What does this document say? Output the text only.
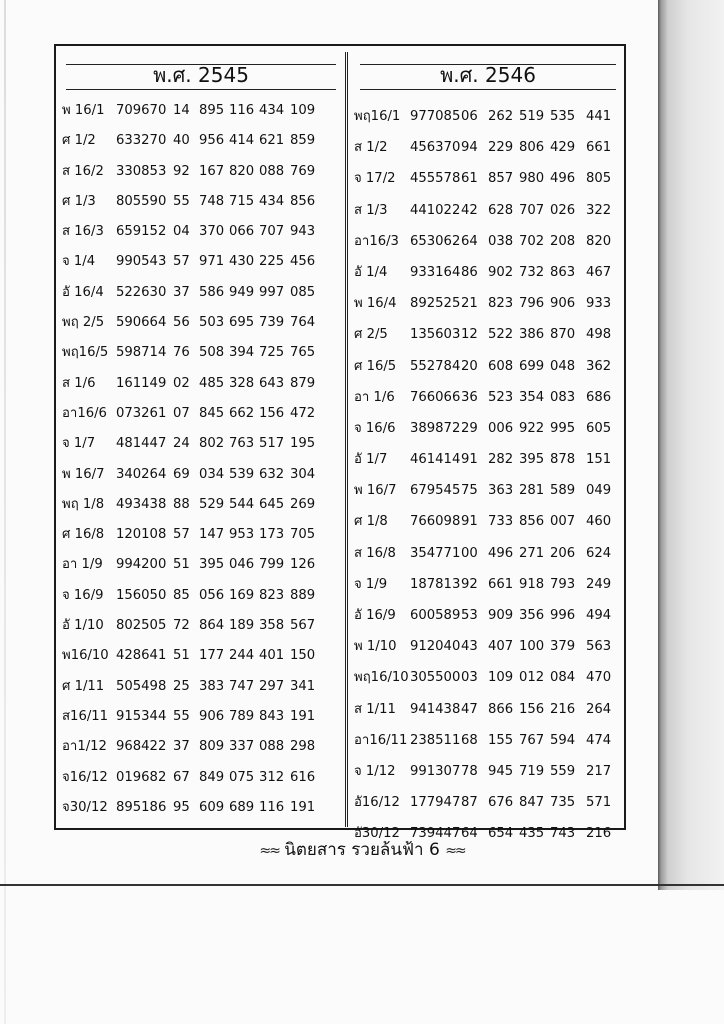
พ.ศ. 2545
พ 16/1 709670 14 895 116 434 109
ศ 1/2 633270 40 956 414 621 859
ส 16/2 330853 92 167 820 088 769
ศ 1/3 805590 55 748 715 434 856
ส 16/3 659152 04 370 066 707 943
จ 1/4 990543 57 971 430 225 456
อั 16/4 522630 37 586 949 997 085
พฤ 2/5 590664 56 503 695 739 764
พฤ16/5 598714 76 508 394 725 765
ส 1/6 161149 02 485 328 643 879
อา16/6 073261 07 845 662 156 472
จ 1/7 481447 24 802 763 517 195
พ 16/7 340264 69 034 539 632 304
พฤ 1/8 493438 88 529 544 645 269
ศ 16/8 120108 57 147 953 173 705
อา 1/9 994200 51 395 046 799 126
จ 16/9 156050 85 056 169 823 889
อั 1/10 802505 72 864 189 358 567
พ16/10 428641 51 177 244 401 150
ศ 1/11 505498 25 383 747 297 341
ส16/11 915344 55 906 789 843 191
อา1/12 968422 37 809 337 088 298
จ16/12 019682 67 849 075 312 616
จ30/12 895186 95 609 689 116 191
พ.ศ. 2546
พฤ16/1 977085 06 262 519 535 441
ส 1/2 456370 94 229 806 429 661
จ 17/2 455578 61 857 980 496 805
ส 1/3 441022 42 628 707 026 322
อา16/3 653062 64 038 702 208 820
อั 1/4 933164 86 902 732 863 467
พ 16/4 892525 21 823 796 906 933
ศ 2/5 135603 12 522 386 870 498
ศ 16/5 552784 20 608 699 048 362
อา 1/6 766066 36 523 354 083 686
จ 16/6 389872 29 006 922 995 605
อั 1/7 461414 91 282 395 878 151
พ 16/7 679545 75 363 281 589 049
ศ 1/8 766098 91 733 856 007 460
ส 16/8 354771 00 496 271 206 624
จ 1/9 187813 92 661 918 793 249
อั 16/9 600589 53 909 356 996 494
พ 1/10 912040 43 407 100 379 563
พฤ16/10 305500 03 109 012 084 470
ส 1/11 941438 47 866 156 216 264
อา16/11 238511 68 155 767 594 474
จ 1/12 991307 78 945 719 559 217
อั16/12 177947 87 676 847 735 571
อั30/12 739447 64 654 435 743 216
≈≈ นิตยสาร รวยล้นฟ้า 6 ≈≈
